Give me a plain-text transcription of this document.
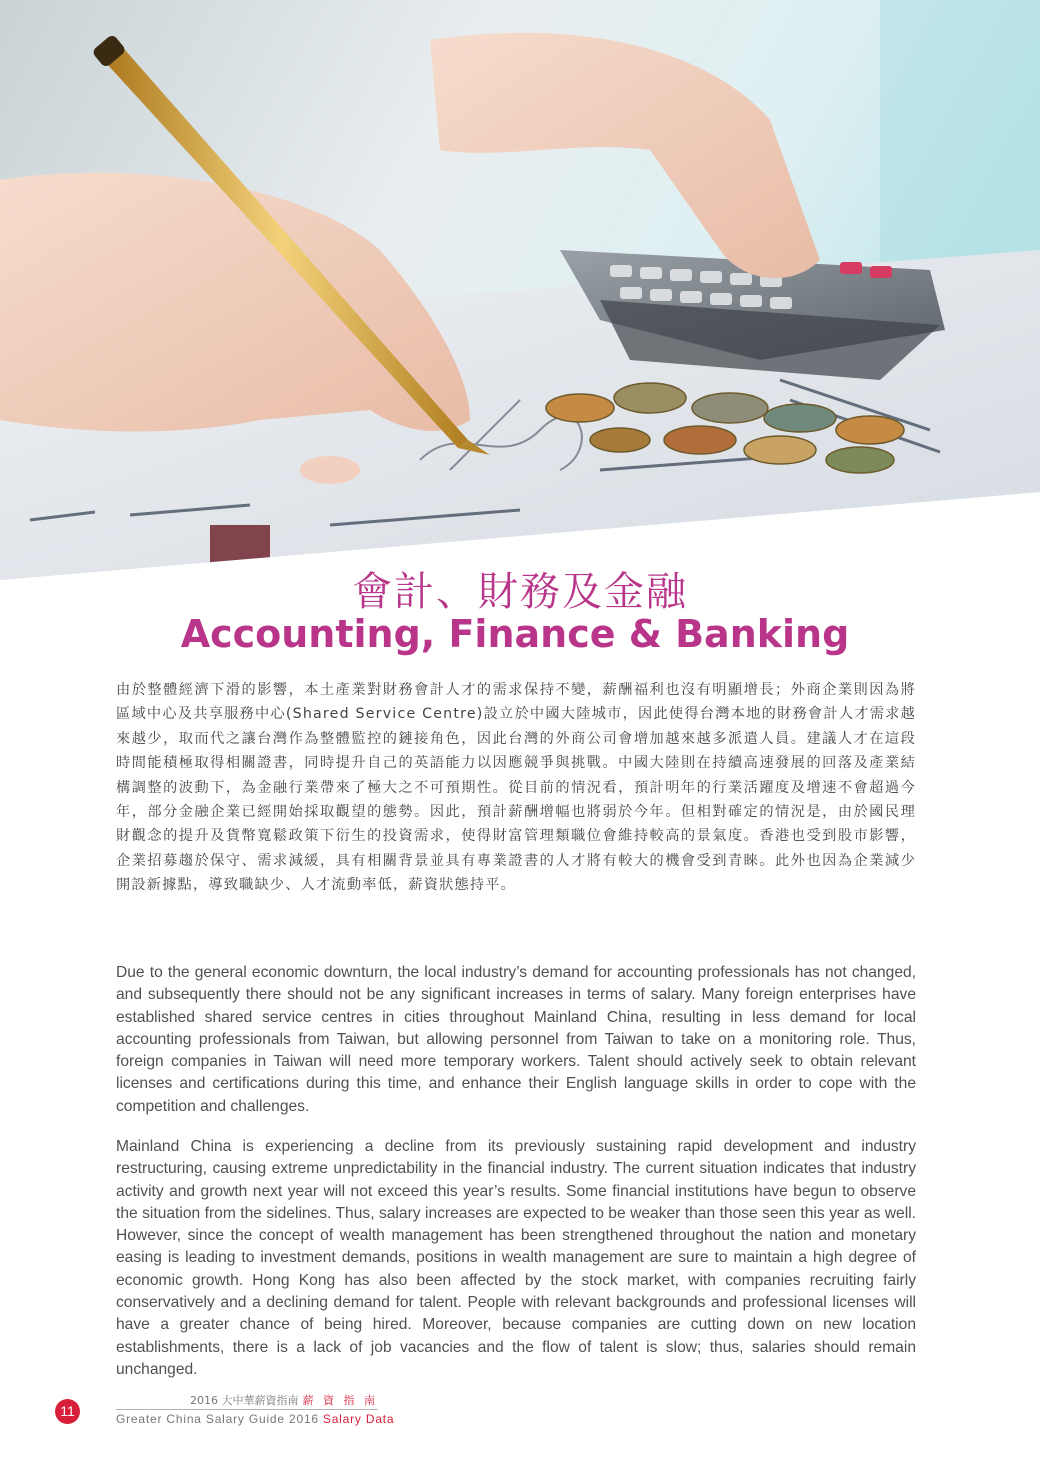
會計、財務及金融
Accounting, Finance & Banking
由於整體經濟下滑的影響，本土產業對財務會計人才的需求保持不變，薪酬福利也沒有明顯增長；外商企業則因為將區域中心及共享服務中心(Shared Service Centre)設立於中國大陸城市，因此使得台灣本地的財務會計人才需求越來越少，取而代之讓台灣作為整體監控的鏈接角色，因此台灣的外商公司會增加越來越多派遣人員。建議人才在這段時間能積極取得相關證書，同時提升自己的英語能力以因應競爭與挑戰。中國大陸則在持續高速發展的回落及產業結構調整的波動下，為金融行業帶來了極大之不可預期性。從目前的情況看，預計明年的行業活躍度及增速不會超過今年，部分金融企業已經開始採取觀望的態勢。因此，預計薪酬增幅也將弱於今年。但相對確定的情況是，由於國民理財觀念的提升及貨幣寬鬆政策下衍生的投資需求，使得財富管理類職位會維持較高的景氣度。香港也受到股市影響，企業招募趨於保守、需求減緩，具有相關背景並具有專業證書的人才將有較大的機會受到青睞。此外也因為企業減少開設新據點，導致職缺少、人才流動率低，薪資狀態持平。

Due to the general economic downturn, the local industry’s demand for accounting professionals has not changed, and subsequently there should not be any significant increases in terms of salary. Many foreign enterprises have established shared service centres in cities throughout Mainland China, resulting in less demand for local accounting professionals from Taiwan, but allowing personnel from Taiwan to take on a monitoring role. Thus, foreign companies in Taiwan will need more temporary workers. Talent should actively seek to obtain relevant licenses and certifications during this time, and enhance their English language skills in order to cope with the competition and challenges.

Mainland China is experiencing a decline from its previously sustaining rapid development and industry restructuring, causing extreme unpredictability in the financial industry. The current situation indicates that industry activity and growth next year will not exceed this year’s results. Some financial institutions have begun to observe the situation from the sidelines. Thus, salary increases are expected to be weaker than those seen this year as well. However, since the concept of wealth management has been strengthened throughout the nation and monetary easing is leading to investment demands, positions in wealth management are sure to maintain a high degree of economic growth. Hong Kong has also been affected by the stock market, with companies recruiting fairly conservatively and a declining demand for talent. People with relevant backgrounds and professional licenses will have a greater chance of being hired. Moreover, because companies are cutting down on new location establishments, there is a lack of job vacancies and the flow of talent is slow; thus, salaries should remain unchanged.

11
2016 大中華薪資指南 薪 資 指 南
Greater China Salary Guide 2016 Salary Data
